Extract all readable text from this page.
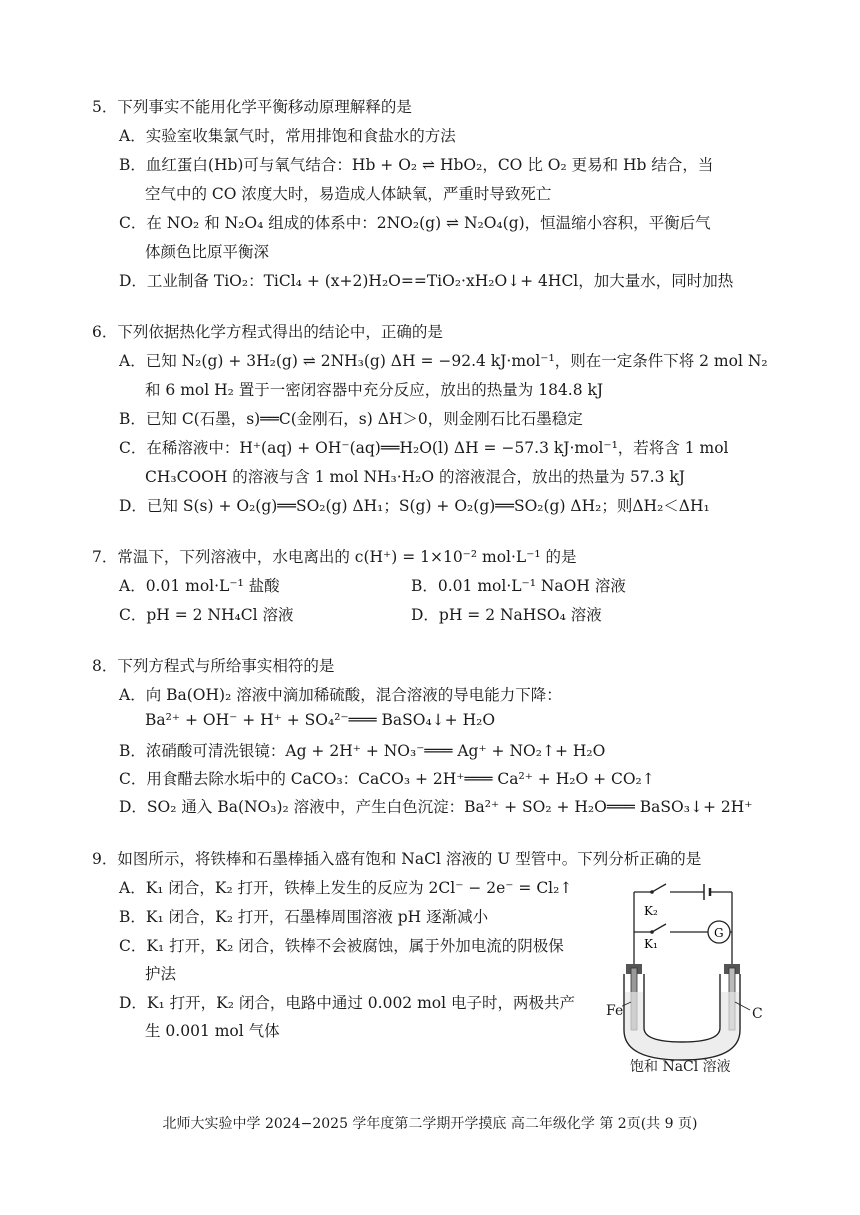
5．下列事实不能用化学平衡移动原理解释的是
A．实验室收集氯气时，常用排饱和食盐水的方法
B．血红蛋白(Hb)可与氧气结合：Hb + O₂ ⇌ HbO₂，CO 比 O₂ 更易和 Hb 结合，当
空气中的 CO 浓度大时，易造成人体缺氧，严重时导致死亡
C．在 NO₂ 和 N₂O₄ 组成的体系中：2NO₂(g) ⇌ N₂O₄(g)，恒温缩小容积，平衡后气
体颜色比原平衡深
D．工业制备 TiO₂：TiCl₄ + (x+2)H₂O==TiO₂·xH₂O↓+ 4HCl，加大量水，同时加热
6．下列依据热化学方程式得出的结论中，正确的是
A．已知 N₂(g) + 3H₂(g) ⇌ 2NH₃(g) ΔH = −92.4 kJ·mol⁻¹，则在一定条件下将 2 mol N₂
和 6 mol H₂ 置于一密闭容器中充分反应，放出的热量为 184.8 kJ
B．已知 C(石墨，s)══C(金刚石，s) ΔH＞0，则金刚石比石墨稳定
C．在稀溶液中：H⁺(aq) + OH⁻(aq)══H₂O(l) ΔH = −57.3 kJ·mol⁻¹，若将含 1 mol
CH₃COOH 的溶液与含 1 mol NH₃·H₂O 的溶液混合，放出的热量为 57.3 kJ
D．已知 S(s) + O₂(g)══SO₂(g) ΔH₁；S(g) + O₂(g)══SO₂(g) ΔH₂；则ΔH₂＜ΔH₁
7．常温下，下列溶液中，水电离出的 c(H⁺) = 1×10⁻² mol·L⁻¹ 的是
A．0.01 mol·L⁻¹ 盐酸	B．0.01 mol·L⁻¹ NaOH 溶液
C．pH = 2 NH₄Cl 溶液	D．pH = 2 NaHSO₄ 溶液
8．下列方程式与所给事实相符的是
A．向 Ba(OH)₂ 溶液中滴加稀硫酸，混合溶液的导电能力下降：
Ba²⁺ + OH⁻ + H⁺ + SO₄²⁻═══ BaSO₄↓+ H₂O
B．浓硝酸可清洗银镜：Ag + 2H⁺ + NO₃⁻═══ Ag⁺ + NO₂↑+ H₂O
C．用食醋去除水垢中的 CaCO₃：CaCO₃ + 2H⁺═══ Ca²⁺ + H₂O + CO₂↑
D．SO₂ 通入 Ba(NO₃)₂ 溶液中，产生白色沉淀：Ba²⁺ + SO₂ + H₂O═══ BaSO₃↓+ 2H⁺
9．如图所示，将铁棒和石墨棒插入盛有饱和 NaCl 溶液的 U 型管中。下列分析正确的是
A．K₁ 闭合，K₂ 打开，铁棒上发生的反应为 2Cl⁻ − 2e⁻ = Cl₂↑
B．K₁ 闭合，K₂ 打开，石墨棒周围溶液 pH 逐渐减小
C．K₁ 打开，K₂ 闭合，铁棒不会被腐蚀，属于外加电流的阴极保
护法
D．K₁ 打开，K₂ 闭合，电路中通过 0.002 mol 电子时，两极共产
生 0.001 mol 气体
K₂
K₁
G
Fe	C
饱和 NaCl 溶液
北师大实验中学 2024−2025 学年度第二学期开学摸底 高二年级化学 第 2页(共 9 页)
